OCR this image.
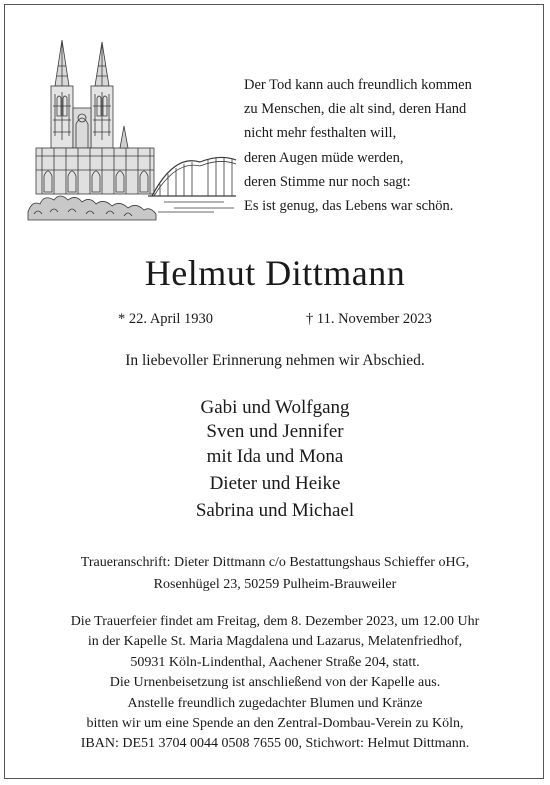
Der Tod kann auch freundlich kommen
zu Menschen, die alt sind, deren Hand
nicht mehr festhalten will,
deren Augen müde werden,
deren Stimme nur noch sagt:
Es ist genug, das Lebens war schön.
Helmut Dittmann
* 22. April 1930	† 11. November 2023
In liebevoller Erinnerung nehmen wir Abschied.
Gabi und Wolfgang
Sven und Jennifer
mit Ida und Mona
Dieter und Heike
Sabrina und Michael
Traueranschrift: Dieter Dittmann c/o Bestattungshaus Schieffer oHG,
Rosenhügel 23, 50259 Pulheim-Brauweiler
Die Trauerfeier findet am Freitag, dem 8. Dezember 2023, um 12.00 Uhr
in der Kapelle St. Maria Magdalena und Lazarus, Melatenfriedhof,
50931 Köln-Lindenthal, Aachener Straße 204, statt.
Die Urnenbeisetzung ist anschließend von der Kapelle aus.
Anstelle freundlich zugedachter Blumen und Kränze
bitten wir um eine Spende an den Zentral-Dombau-Verein zu Köln,
IBAN: DE51 3704 0044 0508 7655 00, Stichwort: Helmut Dittmann.
